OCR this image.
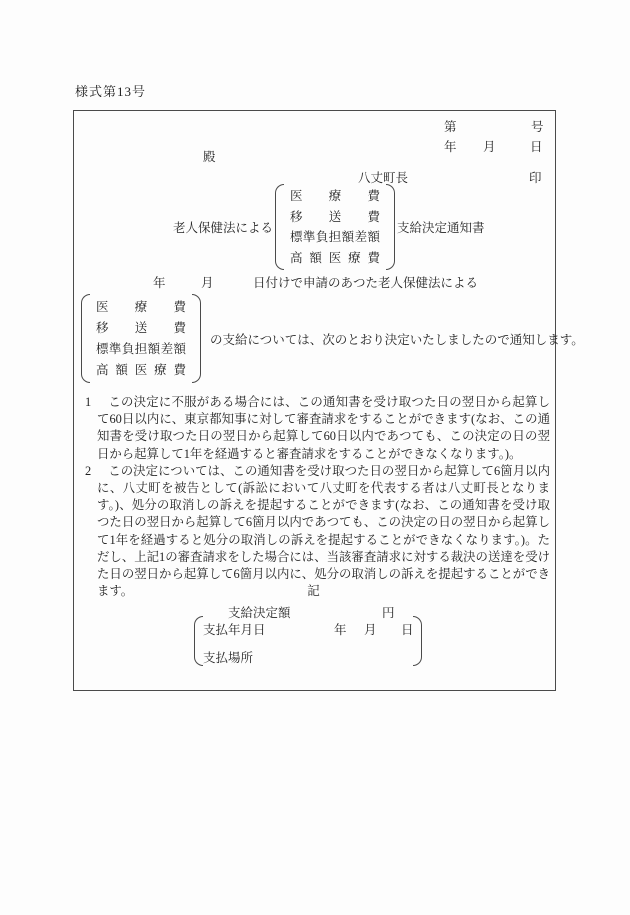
様式第13号
第	号
年 月	日
殿
八丈町長	印
老人保健法による
医療費
移送費
標準負担額差額
高額医療費
支給決定通知書
年	月	日付けで申請のあつた老人保健法による
医療費
移送費
標準負担額差額
高額医療費
の支給については、次のとおり決定いたしましたので通知します。
1 この決定に不服がある場合には、この通知書を受け取つた日の翌日から起算して60日以内に、東京都知事に対して審査請求をすることができます(なお、この通知書を受け取つた日の翌日から起算して60日以内であつても、この決定の日の翌日から起算して1年を経過すると審査請求をすることができなくなります。)。
2 この決定については、この通知書を受け取つた日の翌日から起算して6箇月以内に、八丈町を被告として(訴訟において八丈町を代表する者は八丈町長となります。)、処分の取消しの訴えを提起することができます(なお、この通知書を受け取つた日の翌日から起算して6箇月以内であつても、この決定の日の翌日から起算して1年を経過すると処分の取消しの訴えを提起することができなくなります。)。ただし、上記1の審査請求をした場合には、当該審査請求に対する裁決の送達を受けた日の翌日から起算して6箇月以内に、処分の取消しの訴えを提起することができます。	記
支給決定額	円
支払年月日	年 月 日
支払場所
